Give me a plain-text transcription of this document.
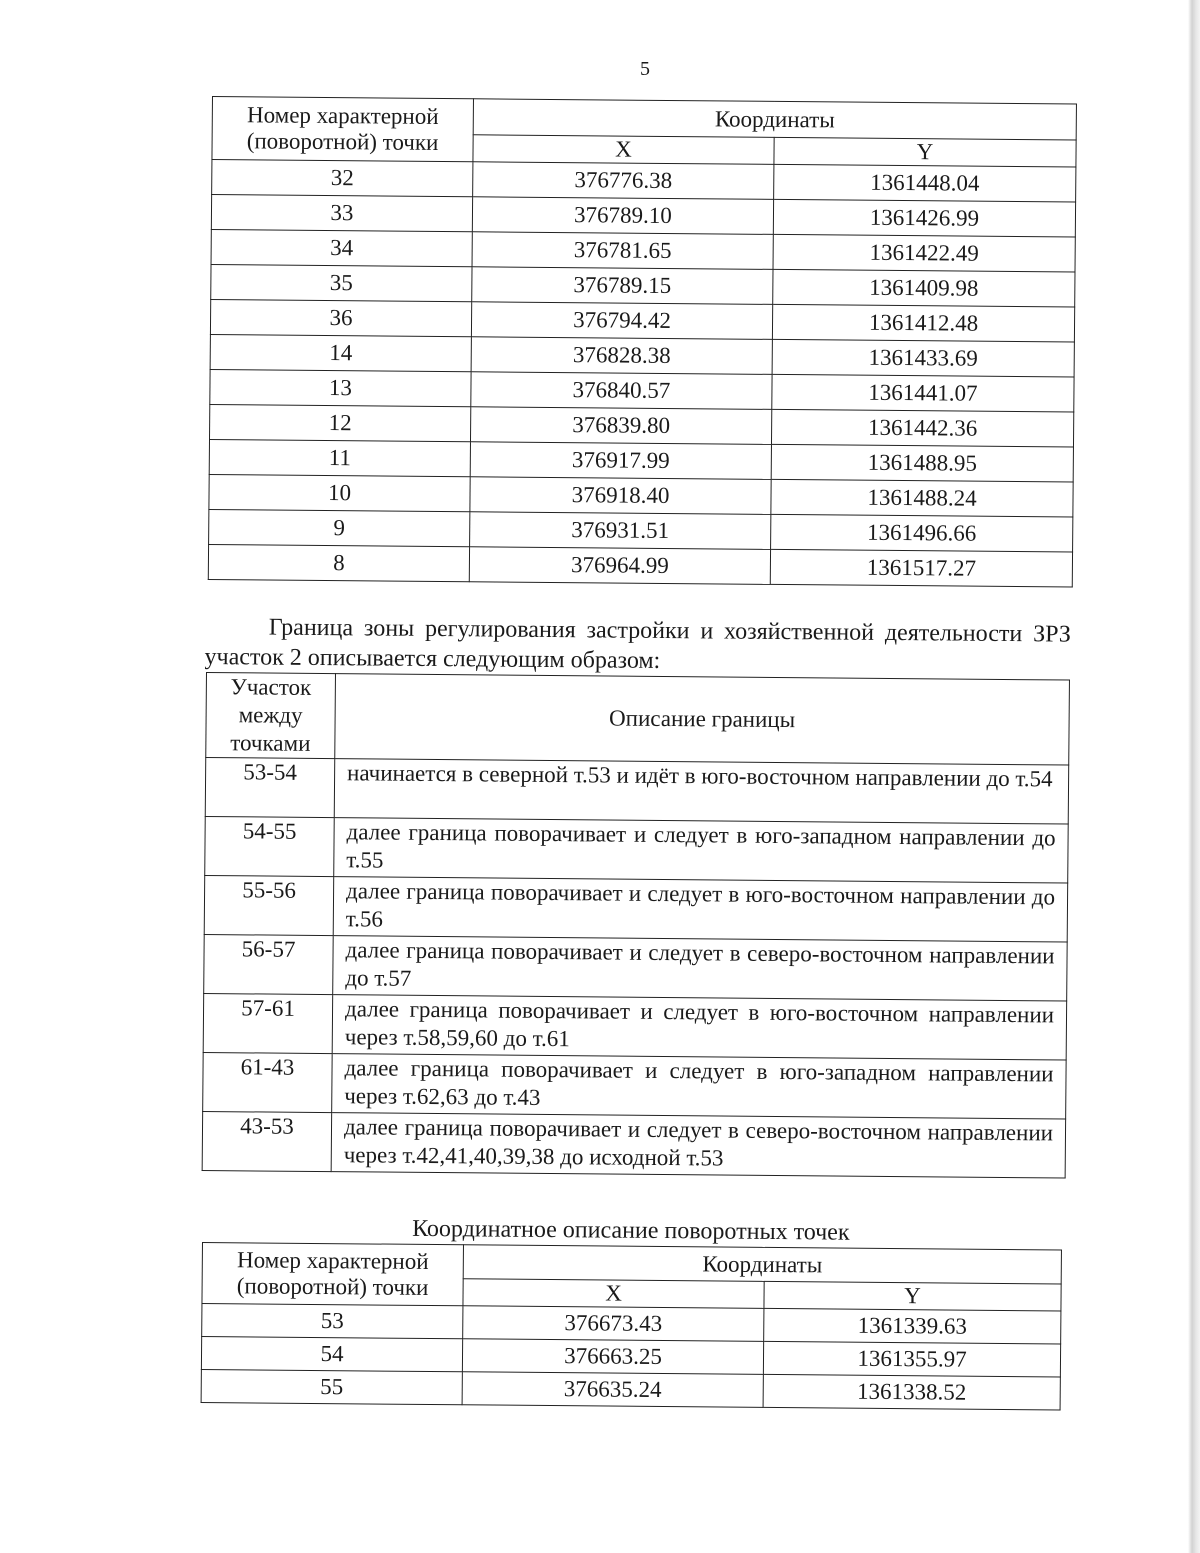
5
Номер характерной
(поворотной) точки	Координаты	
	X	Y
32	376776.38	1361448.04
33	376789.10	1361426.99
34	376781.65	1361422.49
35	376789.15	1361409.98
36	376794.42	1361412.48
14	376828.38	1361433.69
13	376840.57	1361441.07
12	376839.80	1361442.36
11	376917.99	1361488.95
10	376918.40	1361488.24
9	376931.51	1361496.66
8	376964.99	1361517.27
Граница зоны регулирования застройки и хозяйственной деятельности ЗРЗ участок 2 описывается следующим образом:
Участок
между
точками	Описание границы
53-54	начинается в северной т.53 и идёт в юго-восточном направлении до т.54
54-55	далее граница поворачивает и следует в юго-западном направлении до т.55
55-56	далее граница поворачивает и следует в юго-восточном направлении до т.56
56-57	далее граница поворачивает и следует в северо-восточном направлении до т.57
57-61	далее граница поворачивает и следует в юго-восточном направлении через т.58,59,60 до т.61
61-43	далее граница поворачивает и следует в юго-западном направлении через т.62,63 до т.43
43-53	далее граница поворачивает и следует в северо-восточном направлении через т.42,41,40,39,38 до исходной т.53
Координатное описание поворотных точек
Номер характерной
(поворотной) точки	Координаты	
	X	Y
53	376673.43	1361339.63
54	376663.25	1361355.97
55	376635.24	1361338.52
